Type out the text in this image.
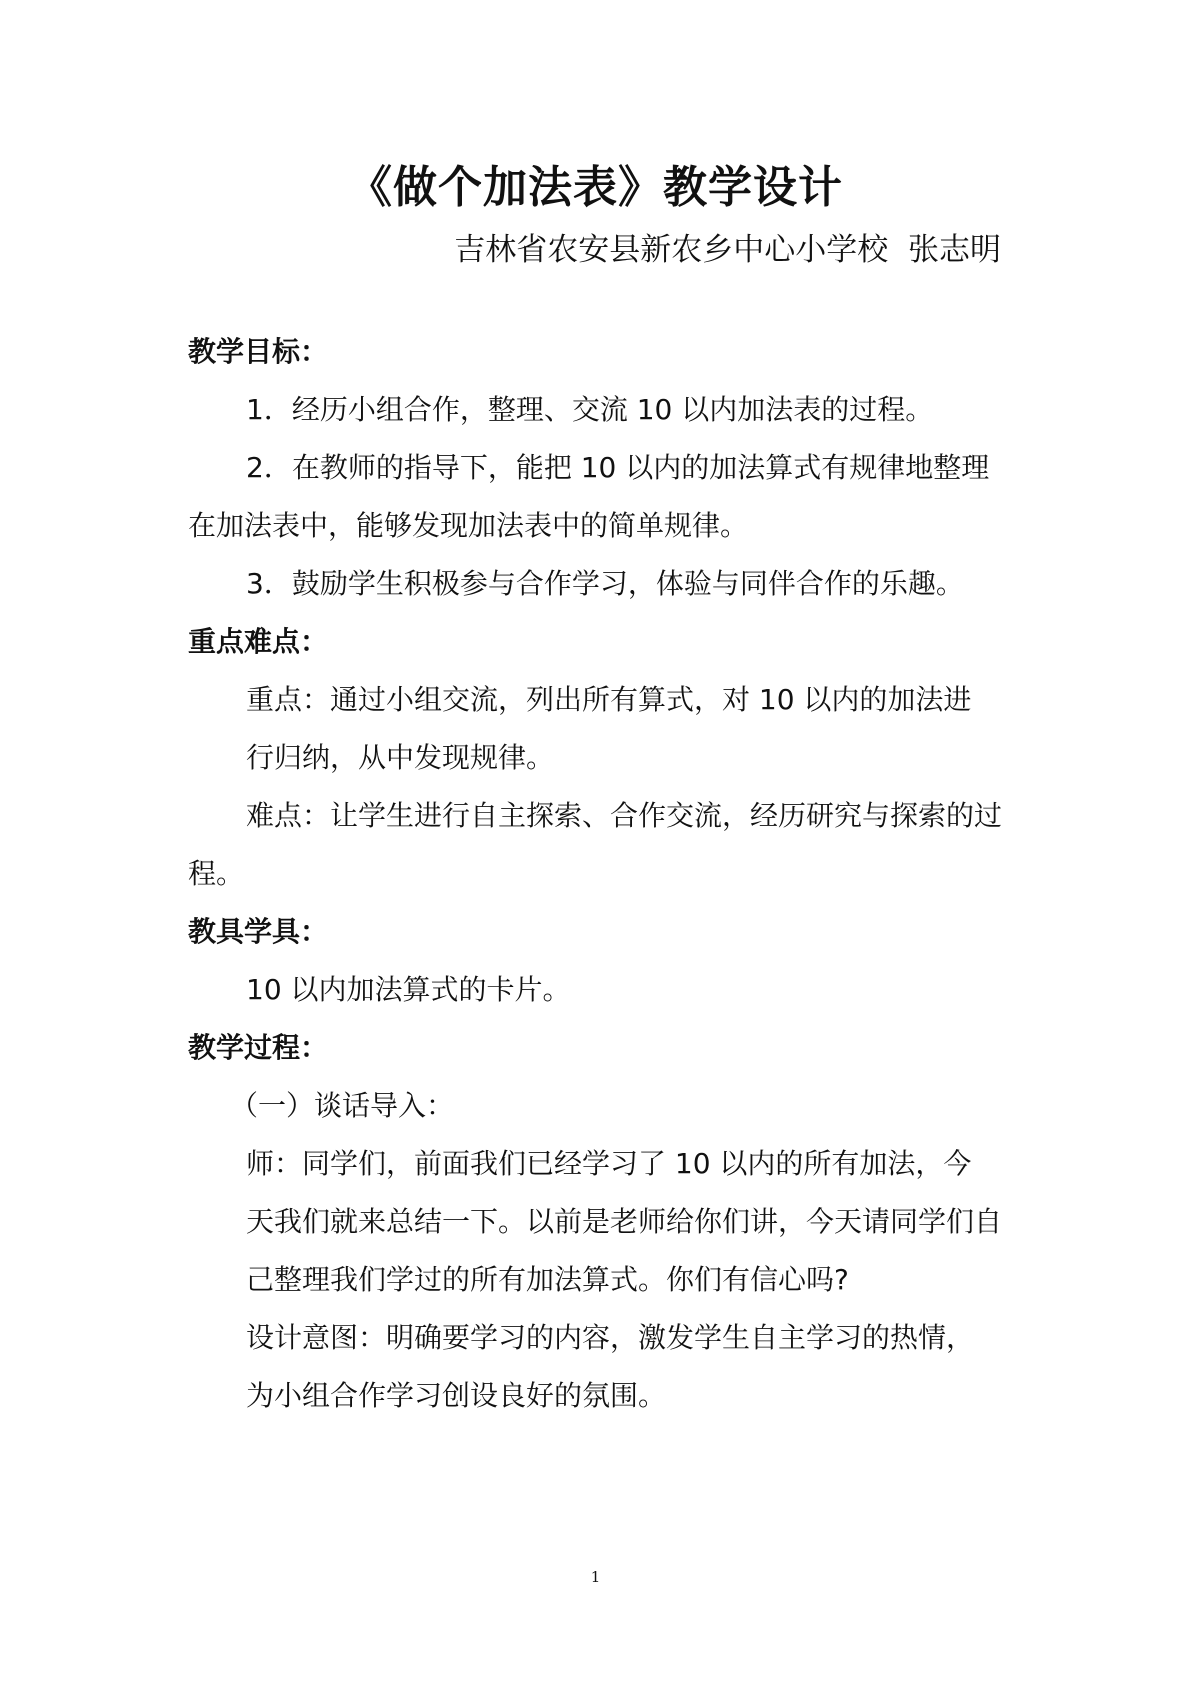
《做个加法表》教学设计
吉林省农安县新农乡中心小学校  张志明
教学目标：
1．经历小组合作，整理、交流 10 以内加法表的过程。
2．在教师的指导下，能把 10 以内的加法算式有规律地整理
在加法表中，能够发现加法表中的简单规律。
3．鼓励学生积极参与合作学习，体验与同伴合作的乐趣。
重点难点：
重点：通过小组交流，列出所有算式，对 10 以内的加法进
行归纳，从中发现规律。
难点：让学生进行自主探索、合作交流，经历研究与探索的过
程。
教具学具：
10 以内加法算式的卡片。
教学过程：
（一）谈话导入：
师：同学们，前面我们已经学习了 10 以内的所有加法，今
天我们就来总结一下。以前是老师给你们讲，今天请同学们自
己整理我们学过的所有加法算式。你们有信心吗?
设计意图：明确要学习的内容，激发学生自主学习的热情，
为小组合作学习创设良好的氛围。
1
